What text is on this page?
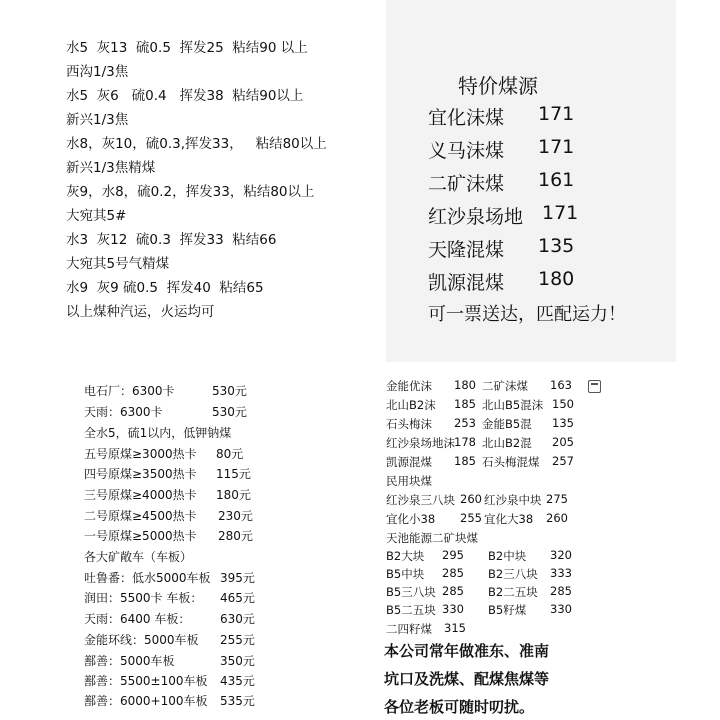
水5  灰13  硫0.5  挥发25  粘结90 以上
西沟1/3焦
水5  灰6   硫0.4   挥发38  粘结90以上
新兴1/3焦
水8，灰10，硫0.3,挥发33，   粘结80以上
新兴1/3焦精煤
灰9，水8，硫0.2，挥发33，粘结80以上
大宛其5#
水3  灰12  硫0.3  挥发33  粘结66
大宛其5号气精煤
水9  灰9 硫0.5  挥发40  粘结65
以上煤种汽运，火运均可
特价煤源
宜化沫煤 171
义马沫煤 171
二矿沫煤 161
红沙泉场地 171
天隆混煤 135
凯源混煤 180
可一票送达，匹配运力！
电石厂：6300卡	530元
天雨：6300卡	530元
全水5，硫1以内，低钾钠煤
五号原煤≥3000热卡 80元
四号原煤≥3500热卡 115元
三号原煤≥4000热卡 180元
二号原煤≥4500热卡 230元
一号原煤≥5000热卡 280元
各大矿敞车（车板）
吐鲁番：低水5000车板 395元
润田：5500卡 车板： 465元
天雨：6400 车板： 630元
金能环线：5000车板 255元
鄯善：5000车板	350元
鄯善：5500±100车板 435元
鄯善：6000+100车板 535元
金能优沫 180 二矿沫煤 163
北山B2沫 185 北山B5混沫 150
石头梅沫 253 金能B5混 135
红沙泉场地沫 178 北山B2混 205
凯源混煤 185 石头梅混煤 257
民用块煤
红沙泉三八块 260 红沙泉中块 275
宜化小38 255 宜化大38 260
天池能源二矿块煤
B2大块 295 B2中块 320
B5中块 285 B2三八块 333
B5三八块 285 B2二五块 285
B5二五块 330 B5籽煤 330
二四籽煤 315
本公司常年做准东、准南
坑口及洗煤、配煤焦煤等
各位老板可随时叨扰。
